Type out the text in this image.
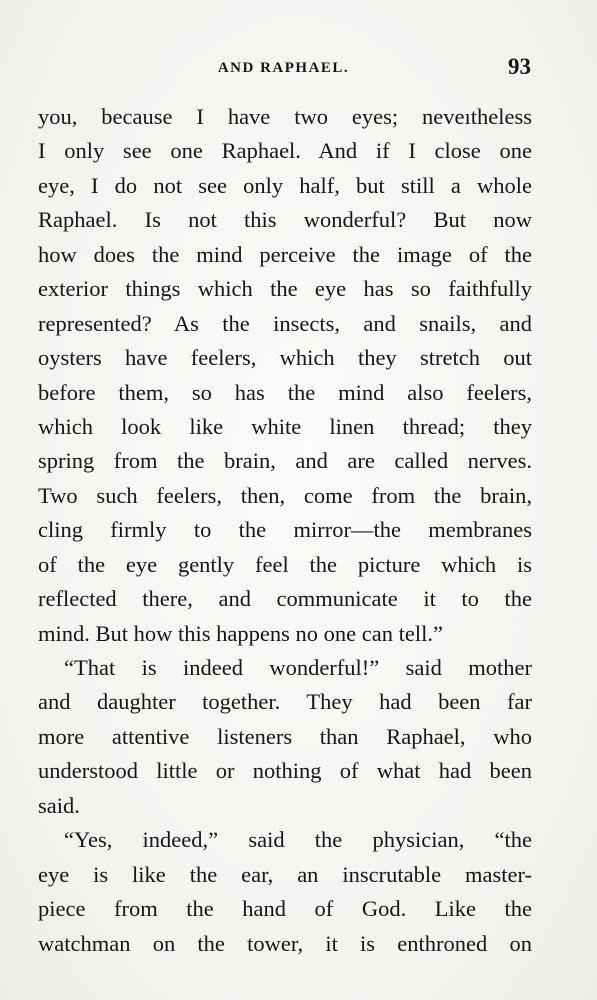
AND RAPHAEL.	93
you, because I have two eyes; neveıtheless
I only see one Raphael. And if I close one
eye, I do not see only half, but still a whole
Raphael. Is not this wonderful? But now
how does the mind perceive the image of the
exterior things which the eye has so faithfully
represented? As the insects, and snails, and
oysters have feelers, which they stretch out
before them, so has the mind also feelers,
which look like white linen thread; they
spring from the brain, and are called nerves.
Two such feelers, then, come from the brain,
cling firmly to the mirror—the membranes
of the eye gently feel the picture which is
reflected there, and communicate it to the
mind. But how this happens no one can tell.”
“That is indeed wonderful!” said mother
and daughter together. They had been far
more attentive listeners than Raphael, who
understood little or nothing of what had been
said.
“Yes, indeed,” said the physician, “the
eye is like the ear, an inscrutable master-
piece from the hand of God. Like the
watchman on the tower, it is enthroned on
